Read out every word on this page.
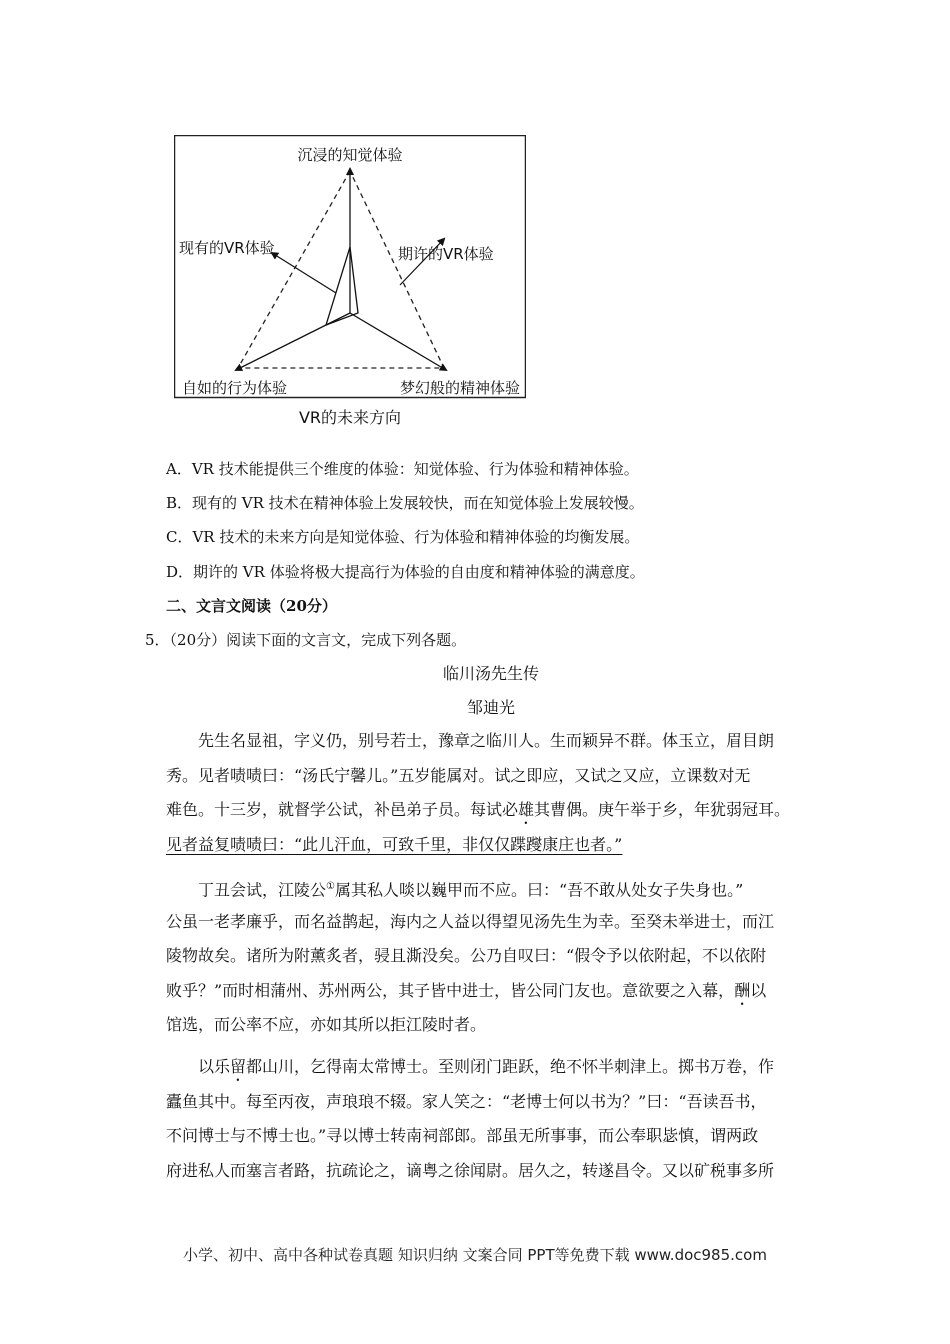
沉浸的知觉体验
现有的VR体验	期许的VR体验
自如的行为体验	梦幻般的精神体验
VR的未来方向
A．VR 技术能提供三个维度的体验：知觉体验、行为体验和精神体验。
B．现有的 VR 技术在精神体验上发展较快，而在知觉体验上发展较慢。
C．VR 技术的未来方向是知觉体验、行为体验和精神体验的均衡发展。
D．期许的 VR 体验将极大提高行为体验的自由度和精神体验的满意度。
二、文言文阅读（20分）
5．（20分）阅读下面的文言文，完成下列各题。
临川汤先生传
邹迪光
先生名显祖，字义仍，别号若士，豫章之临川人。生而颖异不群。体玉立，眉目朗
秀。见者啧啧曰：“汤氏宁馨儿。”五岁能属对。试之即应，又试之又应，立课数对无
难色。十三岁，就督学公试，补邑弟子员。每试必雄其曹偶。庚午举于乡，年犹弱冠耳。
见者益复啧啧曰：“此儿汗血，可致千里，非仅仅蹀躞康庄也者。”
丁丑会试，江陵公①属其私人啖以巍甲而不应。曰：“吾不敢从处女子失身也。”
公虽一老孝廉乎，而名益鹊起，海内之人益以得望见汤先生为幸。至癸未举进士，而江
陵物故矣。诸所为附薰炙者，骎且澌没矣。公乃自叹曰：“假令予以依附起，不以依附
败乎？”而时相蒲州、苏州两公，其子皆中进士，皆公同门友也。意欲要之入幕，酬以
馆选，而公率不应，亦如其所以拒江陵时者。
以乐留都山川，乞得南太常博士。至则闭门距跃，绝不怀半刺津上。掷书万卷，作
蠹鱼其中。每至丙夜，声琅琅不辍。家人笑之：“老博士何以书为？”曰：“吾读吾书，
不问博士与不博士也。”寻以博士转南祠部郎。部虽无所事事，而公奉职毖慎，谓两政
府进私人而塞言者路，抗疏论之，谪粤之徐闻尉。居久之，转遂昌令。又以矿税事多所
小学、初中、高中各种试卷真题 知识归纳 文案合同 PPT等免费下载 www.doc985.com
